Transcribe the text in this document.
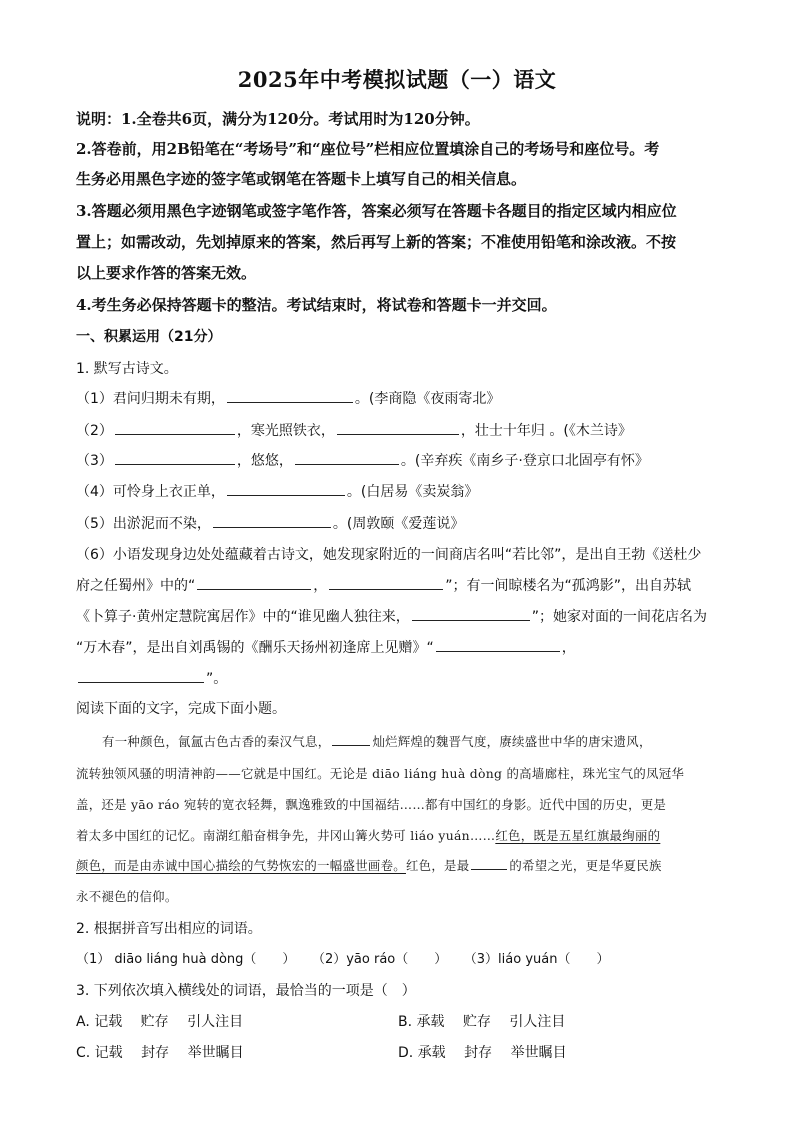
2025年中考模拟试题（一）语文
说明：1.全卷共6页，满分为120分。考试用时为120分钟。
2.答卷前，用2B铅笔在“考场号”和“座位号”栏相应位置填涂自己的考场号和座位号。考
生务必用黑色字迹的签字笔或钢笔在答题卡上填写自己的相关信息。
3.答题必须用黑色字迹钢笔或签字笔作答，答案必须写在答题卡各题目的指定区域内相应位
置上；如需改动，先划掉原来的答案，然后再写上新的答案；不准使用铅笔和涂改液。不按
以上要求作答的答案无效。
4.考生务必保持答题卡的整洁。考试结束时，将试卷和答题卡一并交回。
一、积累运用（21分）
1. 默写古诗文。
（1）君问归期未有期，	。(李商隐《夜雨寄北》
（2）	，寒光照铁衣，	，壮士十年归 。(《木兰诗》
（3）	，悠悠，	。(辛弃疾《南乡子·登京口北固亭有怀》
（4）可怜身上衣正单，	。(白居易《卖炭翁》
（5）出淤泥而不染，	。(周敦颐《爱莲说》
（6）小语发现身边处处蕴藏着古诗文，她发现家附近的一间商店名叫“若比邻”，是出自王勃《送杜少
府之任蜀州》中的“	，	”；有一间晾楼名为“孤鸿影”，出自苏轼
《卜算子·黄州定慧院寓居作》中的“谁见幽人独往来，	”；她家对面的一间花店名为
“万木春”，是出自刘禹锡的《酬乐天扬州初逢席上见赠》“	，
”。
阅读下面的文字，完成下面小题。
有一种颜色，氤氲古色古香的秦汉气息，	灿烂辉煌的魏晋气度，赓续盛世中华的唐宋遗风，
流转独领风骚的明清神韵——它就是中国红。无论是 diāo liáng huà dòng 的高墙廊柱，珠光宝气的凤冠华
盖，还是 yāo ráo 宛转的宽衣轻舞，飘逸雅致的中国福结……都有中国红的身影。近代中国的历史，更是
着太多中国红的记忆。南湖红船奋楫争先，井冈山篝火势可 liáo yuán……红色，既是五星红旗最绚丽的
颜色，而是由赤诚中国心描绘的气势恢宏的一幅盛世画卷。红色，是最	的希望之光，更是华夏民族
永不褪色的信仰。
2. 根据拼音写出相应的词语。
（1） diāo liáng huà dòng（　　） （2）yāo ráo（　　） （3）liáo yuán（　　）
3. 下列依次填入横线处的词语，最恰当的一项是（　）
A. 记载　 贮存　 引人注目	B. 承载　 贮存　 引人注目
C. 记载　 封存　 举世瞩目	D. 承载　 封存　 举世瞩目
